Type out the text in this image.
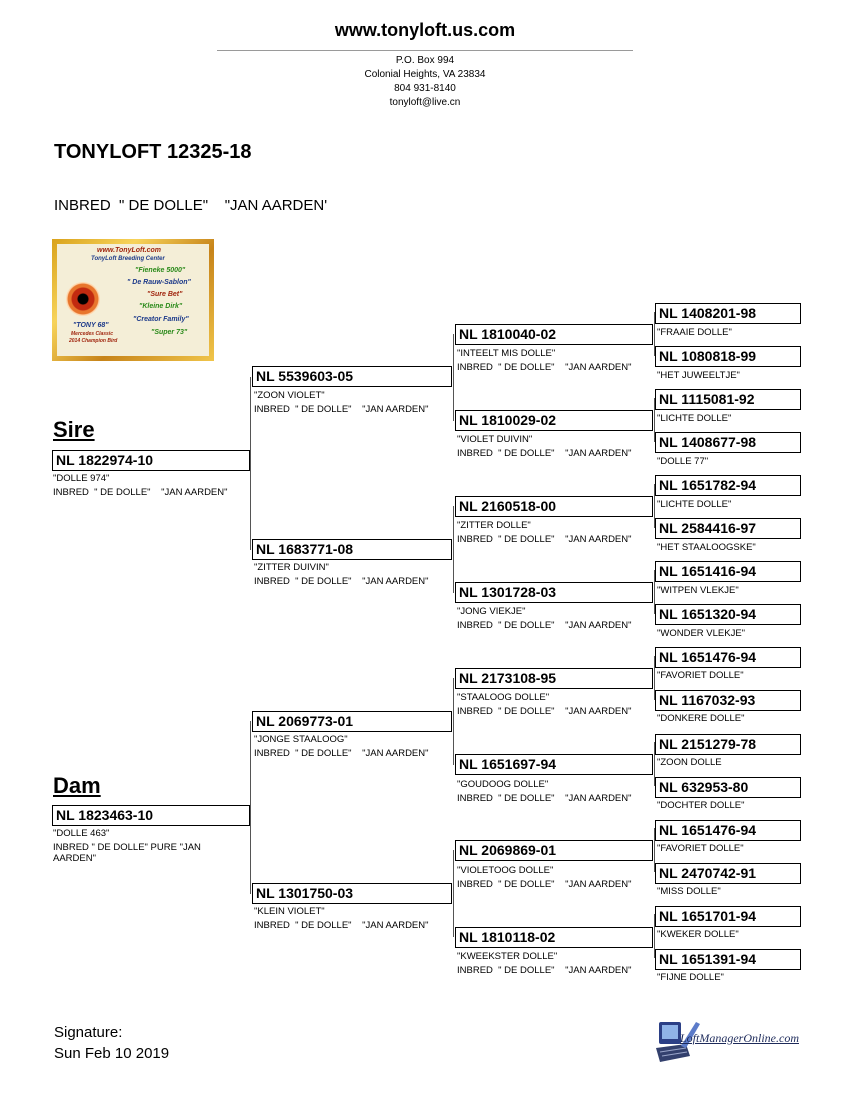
www.tonyloft.us.com
P.O. Box 994
Colonial Heights, VA 23834
804 931-8140
tonyloft@live.cn
TONYLOFT 12325-18
INBRED  " DE DOLLE"    "JAN AARDEN'
www.TonyLoft.com
TonyLoft Breeding Center
"Fieneke 5000"
" De Rauw-Sablon"
"Sure Bet"
"Kleine Dirk"
"TONY 68"
"Creator Family"
Mercedes Classic
2014 Champion Bird
"Super 73"
Sire
NL 1822974-10
"DOLLE 974"
INBRED  " DE DOLLE"    "JAN AARDEN"
Dam
NL 1823463-10
"DOLLE 463"
INBRED " DE DOLLE" PURE "JAN AARDEN"
NL 5539603-05
"ZOON VIOLET"
INBRED  " DE DOLLE"    "JAN AARDEN"
NL 1683771-08
"ZITTER DUIVIN"
INBRED  " DE DOLLE"    "JAN AARDEN"
NL 2069773-01
"JONGE STAALOOG"
INBRED  " DE DOLLE"    "JAN AARDEN"
NL 1301750-03
"KLEIN VIOLET"
INBRED  " DE DOLLE"    "JAN AARDEN"
NL 1810040-02
"INTEELT MIS DOLLE"
INBRED  " DE DOLLE"    "JAN AARDEN"
NL 1810029-02
"VIOLET DUIVIN"
INBRED  " DE DOLLE"    "JAN AARDEN"
NL 2160518-00
"ZITTER DOLLE"
INBRED  " DE DOLLE"    "JAN AARDEN"
NL 1301728-03
"JONG VIEKJE"
INBRED  " DE DOLLE"    "JAN AARDEN"
NL 2173108-95
"STAALOOG DOLLE"
INBRED  " DE DOLLE"    "JAN AARDEN"
NL 1651697-94
"GOUDOOG DOLLE"
INBRED  " DE DOLLE"    "JAN AARDEN"
NL 2069869-01
"VIOLETOOG DOLLE"
INBRED  " DE DOLLE"    "JAN AARDEN"
NL 1810118-02
"KWEEKSTER DOLLE"
INBRED  " DE DOLLE"    "JAN AARDEN"
NL 1408201-98
"FRAAIE DOLLE"
NL 1080818-99
"HET JUWEELTJE"
NL 1115081-92
"LICHTE DOLLE"
NL 1408677-98
"DOLLE 77"
NL 1651782-94
"LICHTE DOLLE"
NL 2584416-97
"HET STAALOOGSKE"
NL 1651416-94
"WITPEN VLEKJE"
NL 1651320-94
"WONDER VLEKJE"
NL 1651476-94
"FAVORIET DOLLE"
NL 1167032-93
"DONKERE DOLLE"
NL 2151279-78
"ZOON DOLLE
NL 632953-80
"DOCHTER DOLLE"
NL 1651476-94
"FAVORIET DOLLE"
NL 2470742-91
"MISS DOLLE"
NL 1651701-94
"KWEKER DOLLE"
NL 1651391-94
"FIJNE DOLLE"
Signature:
Sun Feb 10 2019
LoftManagerOnline.com
